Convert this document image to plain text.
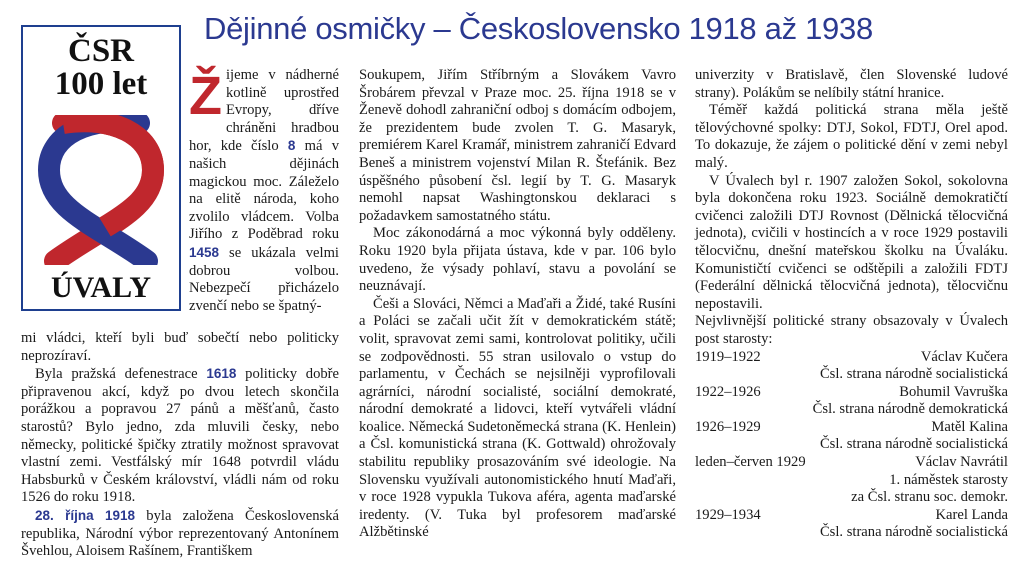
ČSR
100 let
ÚVALY
Dějinné osmičky – Československo 1918 až 1938

Žijeme v nádherné kotlině uprostřed Evropy, dříve chráněni hradbou hor, kde číslo 8 má v našich dějinách magickou moc. Záleželo na elitě národa, koho zvolilo vládcem. Volba Jiřího z Poděbrad roku 1458 se ukázala velmi dobrou volbou. Nebezpečí přicházelo zvenčí nebo se špatný-

mi vládci, kteří byli buď sobečtí nebo politicky neprozíraví.

Byla pražská defenestrace 1618 politicky dobře připravenou akcí, když po dvou letech skončila porážkou a popravou 27 pánů a měšťanů, často starostů? Bylo jedno, zda mluvili česky, nebo německy, politické špičky ztratily možnost spravovat vlastní zemi. Vestfálský mír 1648 potvrdil vládu Habsburků v Českém království, vládli nám od roku 1526 do roku 1918.

28. října 1918 byla založena Československá republika, Národní výbor reprezentovaný Antonínem Švehlou, Aloisem Rašínem, Františkem

Soukupem, Jiřím Stříbrným a Slovákem Vavro Šrobárem převzal v Praze moc. 25. října 1918 se v Ženevě dohodl zahraniční odboj s domácím odbojem, že prezidentem bude zvolen T. G. Masaryk, premiérem Karel Kramář, ministrem zahraničí Edvard Beneš a ministrem vojenství Milan R. Štefánik. Bez úspěšného působení čsl. legií by T. G. Masaryk nemohl napsat Washingtonskou deklaraci s požadavkem samostatného státu.

Moc zákonodárná a moc výkonná byly odděleny. Roku 1920 byla přijata ústava, kde v par. 106 bylo uvedeno, že výsady pohlaví, stavu a povolání se neuznávají.

Češi a Slováci, Němci a Maďaři a Židé, také Rusíni a Poláci se začali učit žít v demokratickém státě; volit, spravovat zemi sami, kontrolovat politiky, učili se zodpovědnosti. 55 stran usilovalo o vstup do parlamentu, v Čechách se nejsilněji vyprofilovali agrárníci, národní socialisté, sociální demokraté, národní demokraté a lidovci, kteří vytvářeli vládní koalice. Německá Sudetoněmecká strana (K. Henlein) a Čsl. komunistická strana (K. Gottwald) ohrožovaly stabilitu republiky prosazováním své ideologie. Na Slovensku využívali autonomistického hnutí Maďaři, v roce 1928 vypukla Tukova aféra, agenta maďarské iredenty. (V. Tuka byl profesorem maďarské Alžbětinské

univerzity v Bratislavě, člen Slovenské ludové strany). Polákům se nelíbily státní hranice.

Téměř každá politická strana měla ještě tělovýchovné spolky: DTJ, Sokol, FDTJ, Orel apod. To dokazuje, že zájem o politické dění v zemi nebyl malý.

V Úvalech byl r. 1907 založen Sokol, sokolovna byla dokončena roku 1923. Sociálně demokratičtí cvičenci založili DTJ Rovnost (Dělnická tělocvičná jednota), cvičili v hostincích a v roce 1929 postavili tělocvičnu, dnešní mateřskou školku na Úvaláku. Komunističtí cvičenci se odštěpili a založili FDTJ (Federální dělnická tělocvičná jednota), tělocvičnu nepostavili.

Nejvlivnější politické strany obsazovaly v Úvalech post starosty:

1919–1922	Václav Kučera
Čsl. strana národně socialistická
1922–1926	Bohumil Vavruška
Čsl. strana národně demokratická
1926–1929	Matěl Kalina
Čsl. strana národně socialistická
leden–červen 1929	Václav Navrátil
1. náměstek starosty
za Čsl. stranu soc. demokr.
1929–1934	Karel Landa
Čsl. strana národně socialistická
